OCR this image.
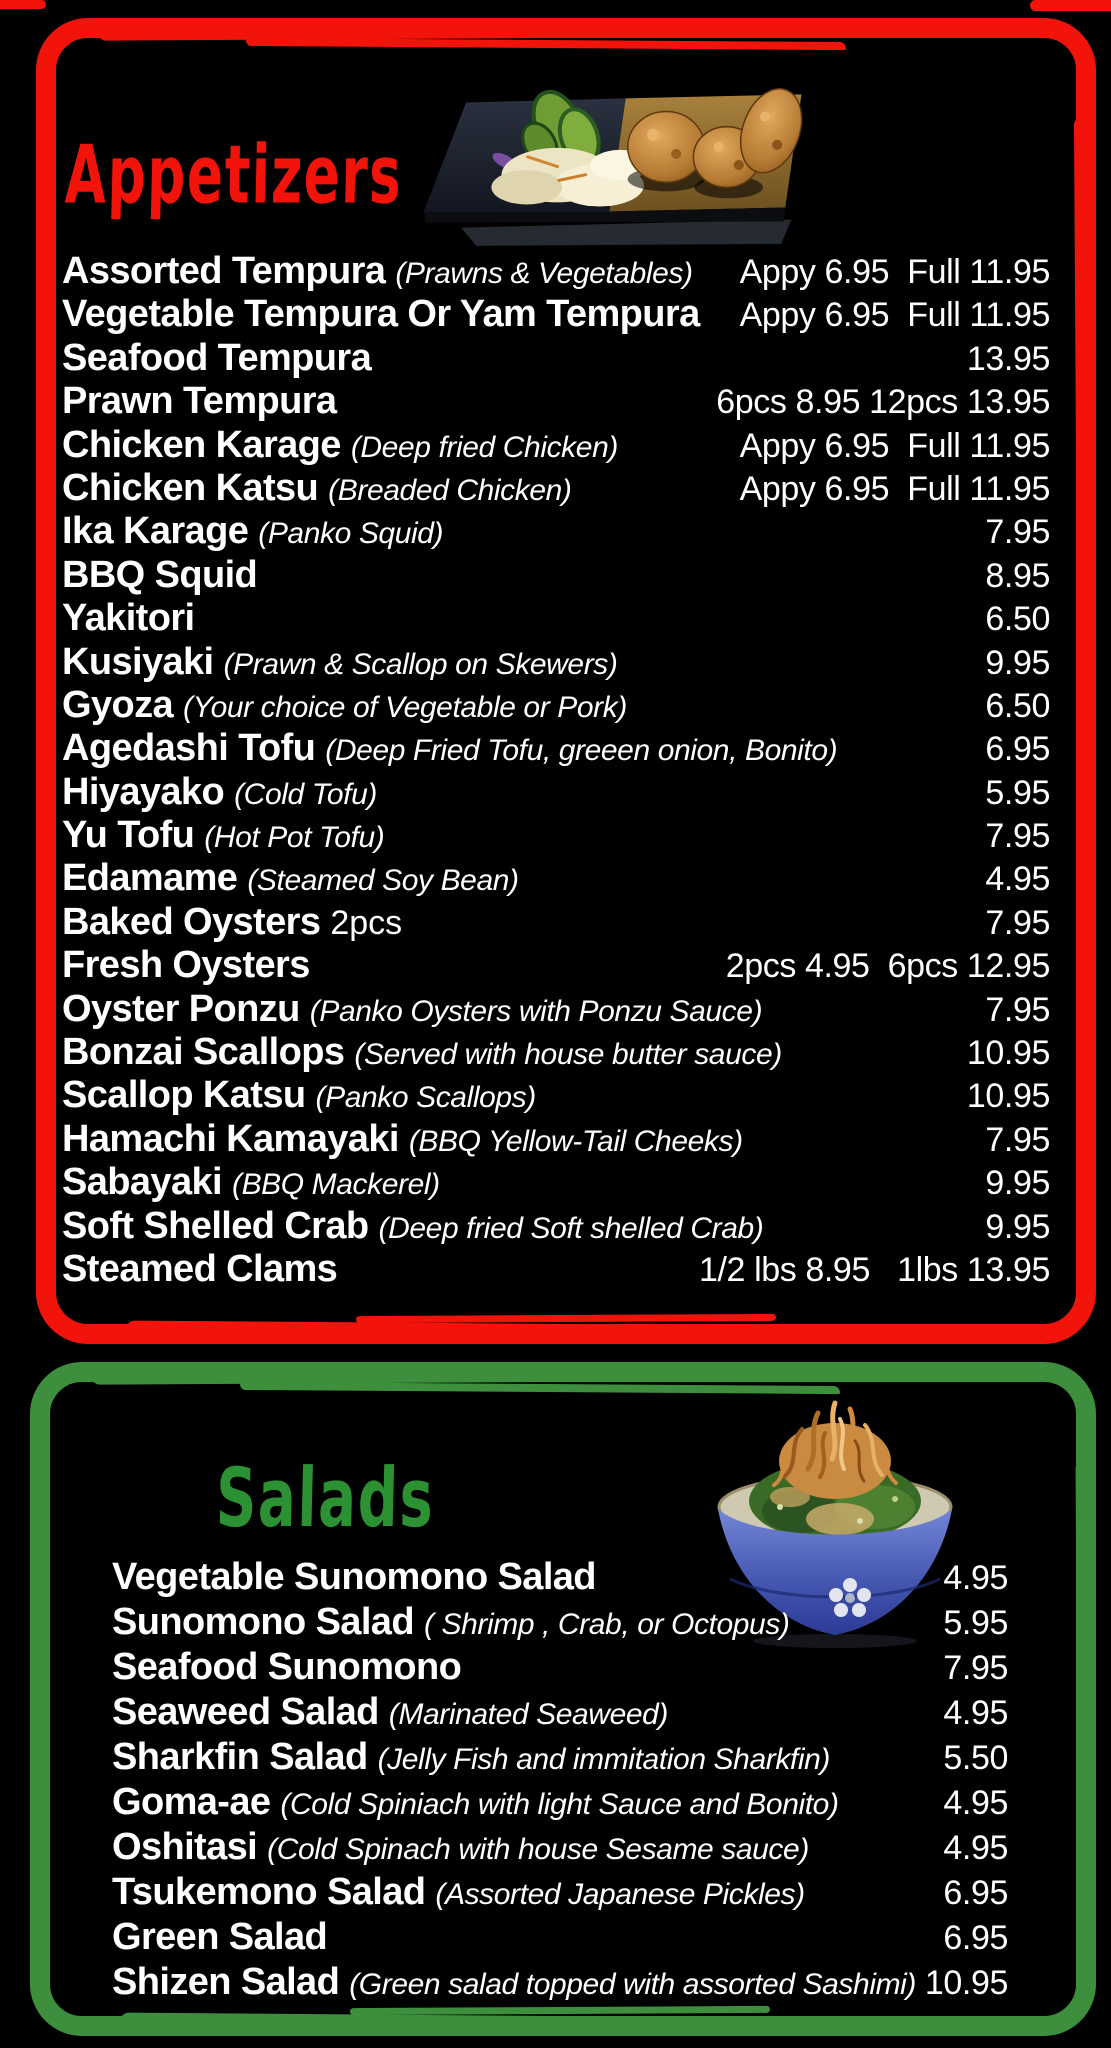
Appetizers
Assorted Tempura (Prawns & Vegetables) Appy 6.95  Full 11.95
Vegetable Tempura Or Yam Tempura Appy 6.95  Full 11.95
Seafood Tempura	13.95
Prawn Tempura	6pcs 8.95 12pcs 13.95
Chicken Karage (Deep fried Chicken)	Appy 6.95  Full 11.95
Chicken Katsu (Breaded Chicken)	Appy 6.95  Full 11.95
Ika Karage (Panko Squid)	7.95
BBQ Squid	8.95
Yakitori	6.50
Kusiyaki (Prawn & Scallop on Skewers)	9.95
Gyoza (Your choice of Vegetable or Pork)	6.50
Agedashi Tofu (Deep Fried Tofu, greeen onion, Bonito)	6.95
Hiyayako (Cold Tofu)	5.95
Yu Tofu (Hot Pot Tofu)	7.95
Edamame (Steamed Soy Bean)	4.95
Baked Oysters 2pcs	7.95
Fresh Oysters	2pcs 4.95  6pcs 12.95
Oyster Ponzu (Panko Oysters with Ponzu Sauce)	7.95
Bonzai Scallops (Served with house butter sauce)	10.95
Scallop Katsu (Panko Scallops)	10.95
Hamachi Kamayaki (BBQ Yellow-Tail Cheeks)	7.95
Sabayaki (BBQ Mackerel)	9.95
Soft Shelled Crab (Deep fried Soft shelled Crab)	9.95
Steamed Clams	1/2 lbs 8.95   1lbs 13.95
Salads
Vegetable Sunomono Salad	4.95
Sunomono Salad ( Shrimp , Crab, or Octopus)	5.95
Seafood Sunomono	7.95
Seaweed Salad (Marinated Seaweed)	4.95
Sharkfin Salad (Jelly Fish and immitation Sharkfin)	5.50
Goma-ae (Cold Spiniach with light Sauce and Bonito)	4.95
Oshitasi (Cold Spinach with house Sesame sauce)	4.95
Tsukemono Salad (Assorted Japanese Pickles)	6.95
Green Salad	6.95
Shizen Salad (Green salad topped with assorted Sashimi) 10.95
